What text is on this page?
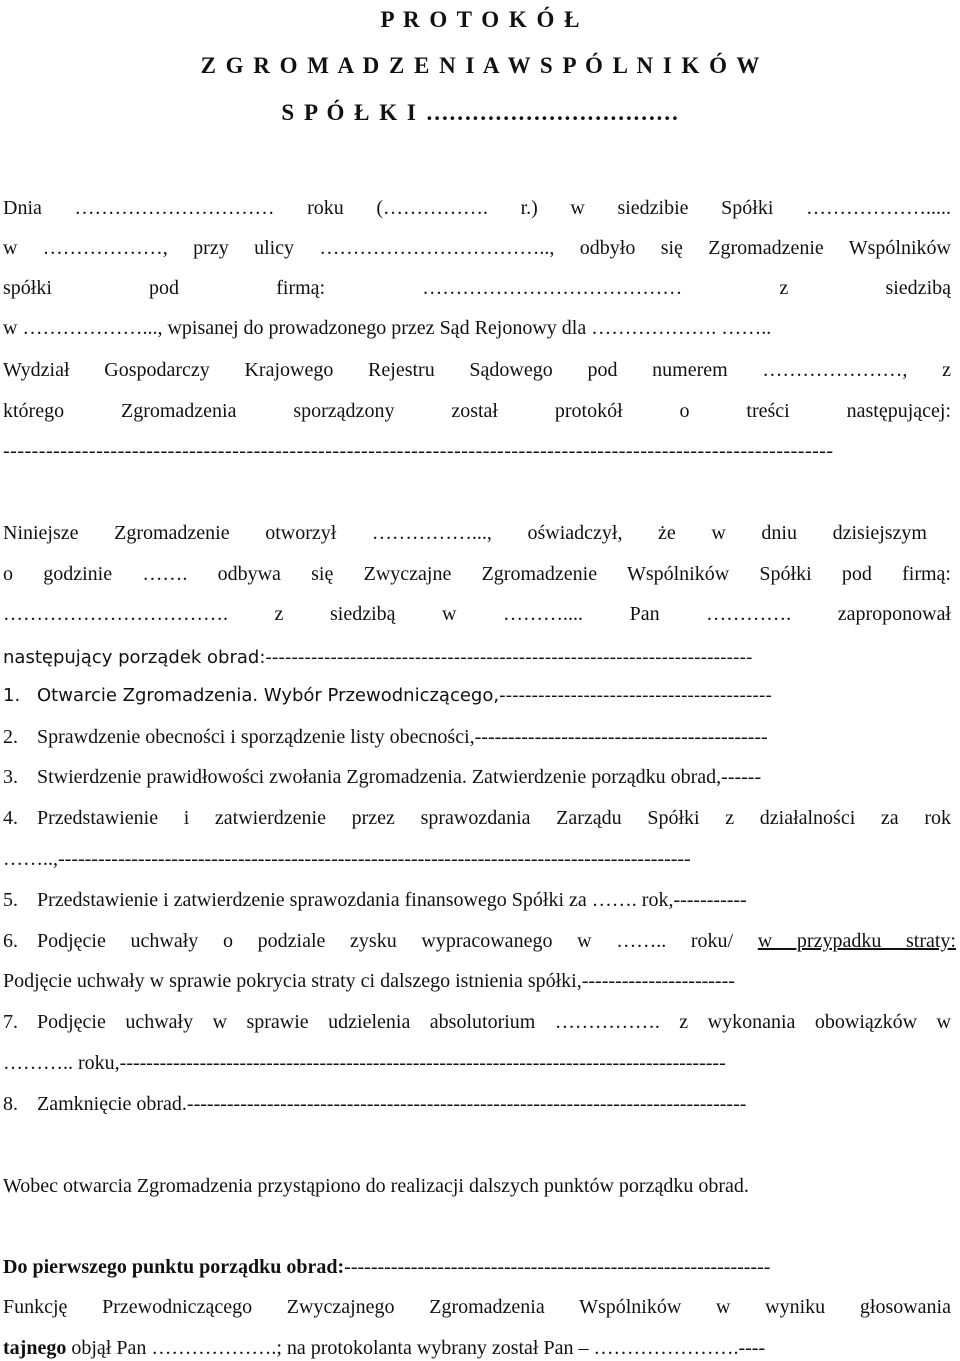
P R O T O K Ó Ł
Z G R O M A D Z E N I A W S P Ó L N I K Ó W
S P Ó Ł K I ……………………………
Dnia ………………………… roku (……………. r.) w siedzibie Spółki ……………….....
w ………………, przy ulicy …………………………….., odbyło się Zgromadzenie Wspólników
spółki pod firmą: ………………………………… z siedzibą
w ………………..., wpisanej do prowadzonego przez Sąd Rejonowy dla ………………. ……..
Wydział Gospodarczy Krajowego Rejestru Sądowego pod numerem …………………, z
którego Zgromadzenia sporządzony został protokół o treści następującej:
--------------------------------------------------------------------------------------------------------------------
Niniejsze Zgromadzenie otworzył ……………..., oświadczył, że w dniu dzisiejszym
o godzinie ……. odbywa się Zwyczajne Zgromadzenie Wspólników Spółki pod firmą:
……………………………. z siedzibą w ……….... Pan …………. zaproponował
następujący porządek obrad:---------------------------------------------------------------------------
1. Otwarcie Zgromadzenia. Wybór Przewodniczącego,------------------------------------------
2. Sprawdzenie obecności i sporządzenie listy obecności,--------------------------------------------
3. Stwierdzenie prawidłowości zwołania Zgromadzenia. Zatwierdzenie porządku obrad,------
4. Przedstawienie i zatwierdzenie przez sprawozdania Zarządu Spółki z działalności za rok
……..,-----------------------------------------------------------------------------------------------
5. Przedstawienie i zatwierdzenie sprawozdania finansowego Spółki za ……. rok,-----------
6. Podjęcie uchwały o podziale zysku wypracowanego w …….. roku/ w przypadku straty:
Podjęcie uchwały w sprawie pokrycia straty ci dalszego istnienia spółki,-----------------------
7. Podjęcie uchwały w sprawie udzielenia absolutorium ……………. z wykonania obowiązków w
……….. roku,-------------------------------------------------------------------------------------------
8. Zamknięcie obrad.------------------------------------------------------------------------------------
Wobec otwarcia Zgromadzenia przystąpiono do realizacji dalszych punktów porządku obrad.
Do pierwszego punktu porządku obrad:----------------------------------------------------------------
Funkcję Przewodniczącego Zwyczajnego Zgromadzenia Wspólników w wyniku głosowania
tajnego objął Pan ……………….; na protokolanta wybrany został Pan – ………………….----
